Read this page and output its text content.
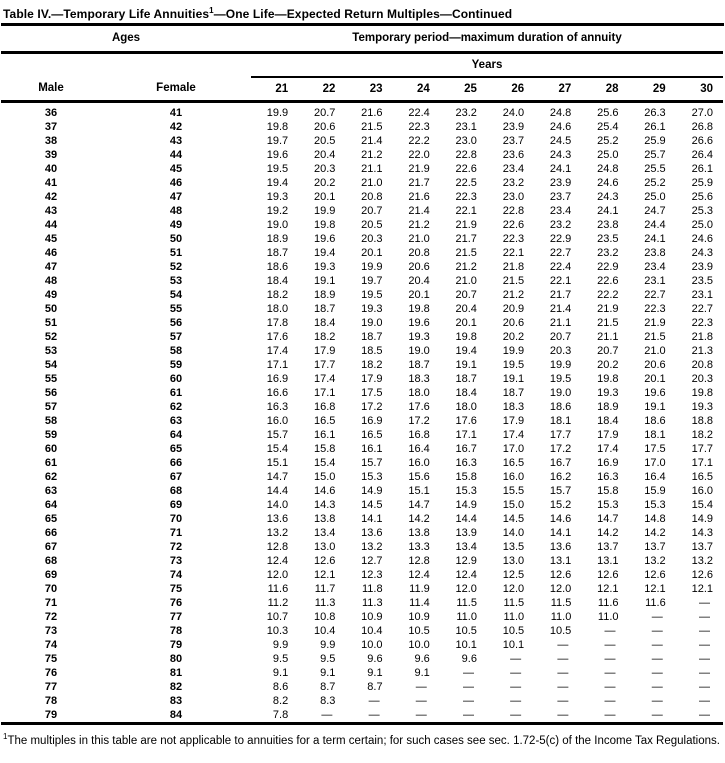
Table IV.—Temporary Life Annuities$^1$—One Life—Expected Return Multiples—Continued
Ages		Temporary period—maximum duration of annuity									
		Years									
Male	Female	21	22	23	24	25	26	27	28	29	30
36	41	19.9	20.7	21.6	22.4	23.2	24.0	24.8	25.6	26.3	27.0
37	42	19.8	20.6	21.5	22.3	23.1	23.9	24.6	25.4	26.1	26.8
38	43	19.7	20.5	21.4	22.2	23.0	23.7	24.5	25.2	25.9	26.6
39	44	19.6	20.4	21.2	22.0	22.8	23.6	24.3	25.0	25.7	26.4
40	45	19.5	20.3	21.1	21.9	22.6	23.4	24.1	24.8	25.5	26.1
41	46	19.4	20.2	21.0	21.7	22.5	23.2	23.9	24.6	25.2	25.9
42	47	19.3	20.1	20.8	21.6	22.3	23.0	23.7	24.3	25.0	25.6
43	48	19.2	19.9	20.7	21.4	22.1	22.8	23.4	24.1	24.7	25.3
44	49	19.0	19.8	20.5	21.2	21.9	22.6	23.2	23.8	24.4	25.0
45	50	18.9	19.6	20.3	21.0	21.7	22.3	22.9	23.5	24.1	24.6
46	51	18.7	19.4	20.1	20.8	21.5	22.1	22.7	23.2	23.8	24.3
47	52	18.6	19.3	19.9	20.6	21.2	21.8	22.4	22.9	23.4	23.9
48	53	18.4	19.1	19.7	20.4	21.0	21.5	22.1	22.6	23.1	23.5
49	54	18.2	18.9	19.5	20.1	20.7	21.2	21.7	22.2	22.7	23.1
50	55	18.0	18.7	19.3	19.8	20.4	20.9	21.4	21.9	22.3	22.7
51	56	17.8	18.4	19.0	19.6	20.1	20.6	21.1	21.5	21.9	22.3
52	57	17.6	18.2	18.7	19.3	19.8	20.2	20.7	21.1	21.5	21.8
53	58	17.4	17.9	18.5	19.0	19.4	19.9	20.3	20.7	21.0	21.3
54	59	17.1	17.7	18.2	18.7	19.1	19.5	19.9	20.2	20.6	20.8
55	60	16.9	17.4	17.9	18.3	18.7	19.1	19.5	19.8	20.1	20.3
56	61	16.6	17.1	17.5	18.0	18.4	18.7	19.0	19.3	19.6	19.8
57	62	16.3	16.8	17.2	17.6	18.0	18.3	18.6	18.9	19.1	19.3
58	63	16.0	16.5	16.9	17.2	17.6	17.9	18.1	18.4	18.6	18.8
59	64	15.7	16.1	16.5	16.8	17.1	17.4	17.7	17.9	18.1	18.2
60	65	15.4	15.8	16.1	16.4	16.7	17.0	17.2	17.4	17.5	17.7
61	66	15.1	15.4	15.7	16.0	16.3	16.5	16.7	16.9	17.0	17.1
62	67	14.7	15.0	15.3	15.6	15.8	16.0	16.2	16.3	16.4	16.5
63	68	14.4	14.6	14.9	15.1	15.3	15.5	15.7	15.8	15.9	16.0
64	69	14.0	14.3	14.5	14.7	14.9	15.0	15.2	15.3	15.3	15.4
65	70	13.6	13.8	14.1	14.2	14.4	14.5	14.6	14.7	14.8	14.9
66	71	13.2	13.4	13.6	13.8	13.9	14.0	14.1	14.2	14.2	14.3
67	72	12.8	13.0	13.2	13.3	13.4	13.5	13.6	13.7	13.7	13.7
68	73	12.4	12.6	12.7	12.8	12.9	13.0	13.1	13.1	13.2	13.2
69	74	12.0	12.1	12.3	12.4	12.4	12.5	12.6	12.6	12.6	12.6
70	75	11.6	11.7	11.8	11.9	12.0	12.0	12.0	12.1	12.1	12.1
71	76	11.2	11.3	11.3	11.4	11.5	11.5	11.5	11.6	11.6	—
72	77	10.7	10.8	10.9	10.9	11.0	11.0	11.0	11.0	—	—
73	78	10.3	10.4	10.4	10.5	10.5	10.5	10.5	—	—	—
74	79	9.9	9.9	10.0	10.0	10.1	10.1	—	—	—	—
75	80	9.5	9.5	9.6	9.6	9.6	—	—	—	—	—
76	81	9.1	9.1	9.1	9.1	—	—	—	—	—	—
77	82	8.6	8.7	8.7	—	—	—	—	—	—	—
78	83	8.2	8.3	—	—	—	—	—	—	—	—
79	84	7.8	—	—	—	—	—	—	—	—	—
$^1$The multiples in this table are not applicable to annuities for a term certain; for such cases see sec. 1.72-5(c) of the Income Tax Regulations.
